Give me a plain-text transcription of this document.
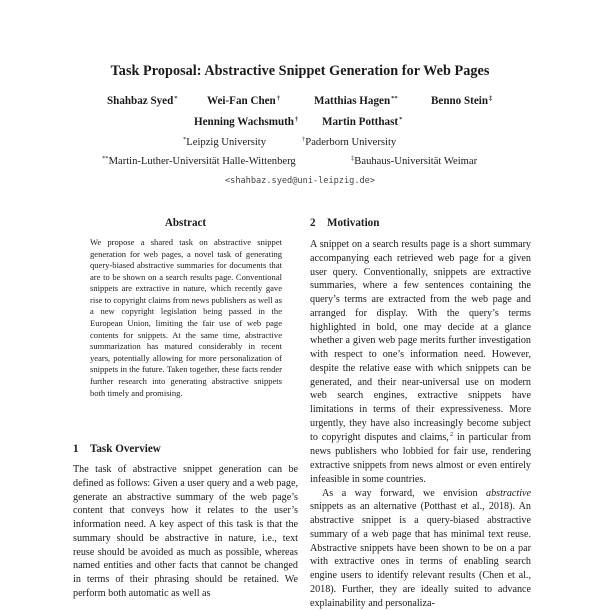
Task Proposal: Abstractive Snippet Generation for Web Pages
Shahbaz Syed*	Wei-Fan Chen†	Matthias Hagen**	Benno Stein‡
Henning Wachsmuth† Martin Potthast*
*Leipzig University	†Paderborn University
**Martin-Luther-Universität Halle-Wittenberg	‡Bauhaus-Universität Weimar
<shahbaz.syed@uni-leipzig.de>
Abstract

We propose a shared task on abstractive snippet generation for web pages, a novel task of generating query-biased abstractive summaries for documents that are to be shown on a search results page. Conventional snippets are extractive in nature, which recently gave rise to copyright claims from news publishers as well as a new copyright legislation being passed in the European Union, limiting the fair use of web page contents for snippets. At the same time, abstractive summarization has matured considerably in recent years, potentially allowing for more personalization of snippets in the future. Taken together, these facts render further research into generating abstractive snippets both timely and promising.

1 Task Overview

The task of abstractive snippet generation can be defined as follows: Given a user query and a web page, generate an abstractive summary of the web page’s content that conveys how it relates to the user’s information need. A key aspect of this task is that the summary should be abstractive in nature, i.e., text reuse should be avoided as much as possible, whereas named entities and other facts that cannot be changed in terms of their phrasing should be retained. We perform both automatic as well as

2 Motivation

A snippet on a search results page is a short summary accompanying each retrieved web page for a given user query. Conventionally, snippets are extractive summaries, where a few sentences containing the query’s terms are extracted from the web page and arranged for display. With the query’s terms highlighted in bold, one may decide at a glance whether a given web page merits further investigation with respect to one’s information need. However, despite the relative ease with which snippets can be generated, and their near-universal use on modern web search engines, extractive snippets have limitations in terms of their expressiveness. More urgently, they have also increasingly become subject to copyright disputes and claims,$^2$ in particular from news publishers who lobbied for fair use, rendering extractive snippets from news almost or even entirely infeasible in some countries.

As a way forward, we envision abstractive snippets as an alternative (Potthast et al., 2018). An abstractive snippet is a query-biased abstractive summary of a web page that has minimal text reuse. Abstractive snippets have been shown to be on a par with extractive ones in terms of enabling search engine users to identify relevant results (Chen et al., 2018). Further, they are ideally suited to advance explainability and personaliza-
